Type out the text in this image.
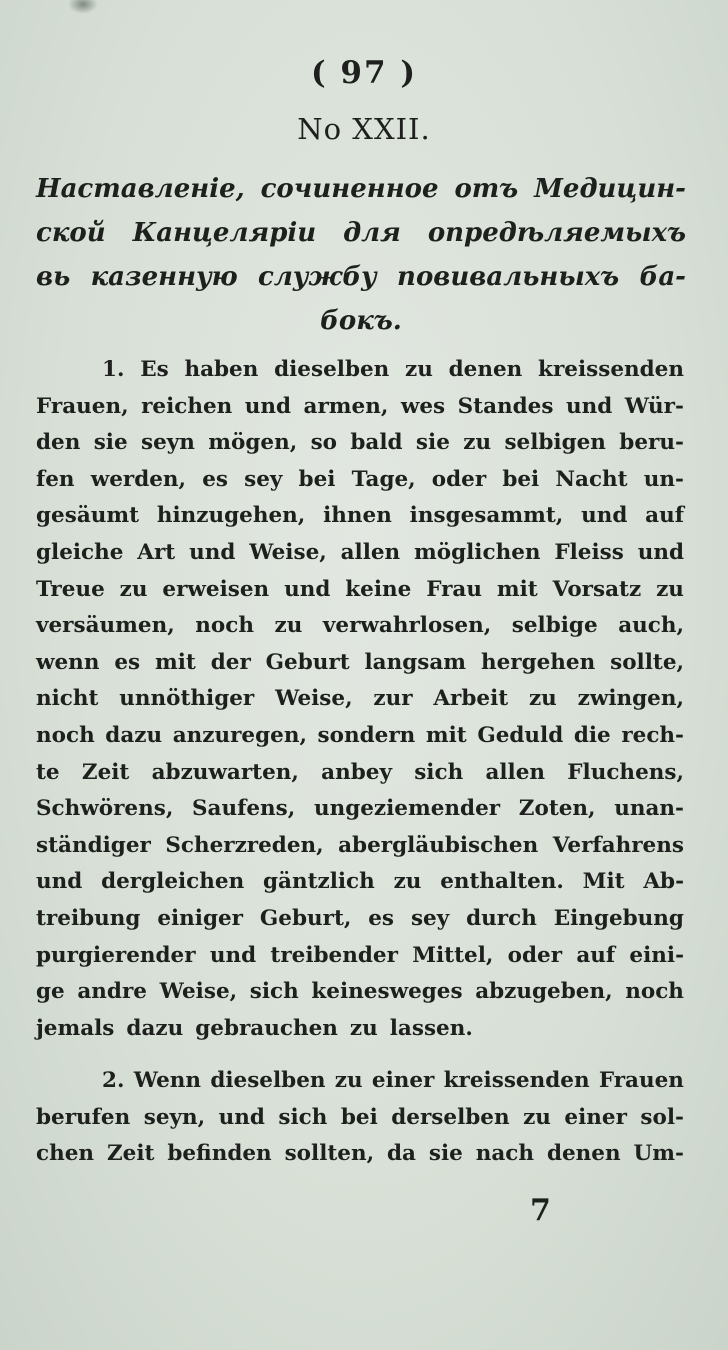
( 97 )
No XXII.
Наставленіе, сочиненное отъ Медицин-
ской Канцеляріи для опредѣляемыхъ
вь казенную службу повивальныхъ ба-
бокъ.
1. Es haben dieselben zu denen kreissenden
Frauen, reichen und armen, wes Standes und Wür-
den sie seyn mögen, so bald sie zu selbigen beru-
fen werden, es sey bei Tage, oder bei Nacht un-
gesäumt hinzugehen, ihnen insgesammt, und auf
gleiche Art und Weise, allen möglichen Fleiss und
Treue zu erweisen und keine Frau mit Vorsatz zu
versäumen, noch zu verwahrlosen, selbige auch,
wenn es mit der Geburt langsam hergehen sollte,
nicht unnöthiger Weise, zur Arbeit zu zwingen,
noch dazu anzuregen, sondern mit Geduld die rech-
te Zeit abzuwarten, anbey sich allen Fluchens,
Schwörens, Saufens, ungeziemender Zoten, unan-
ständiger Scherzreden, abergläubischen Verfahrens
und dergleichen gäntzlich zu enthalten. Mit Ab-
treibung einiger Geburt, es sey durch Eingebung
purgierender und treibender Mittel, oder auf eini-
ge andre Weise, sich keinesweges abzugeben, noch
jemals dazu gebrauchen zu lassen.
2. Wenn dieselben zu einer kreissenden Frauen
berufen seyn, und sich bei derselben zu einer sol-
chen Zeit befinden sollten, da sie nach denen Um-
7
